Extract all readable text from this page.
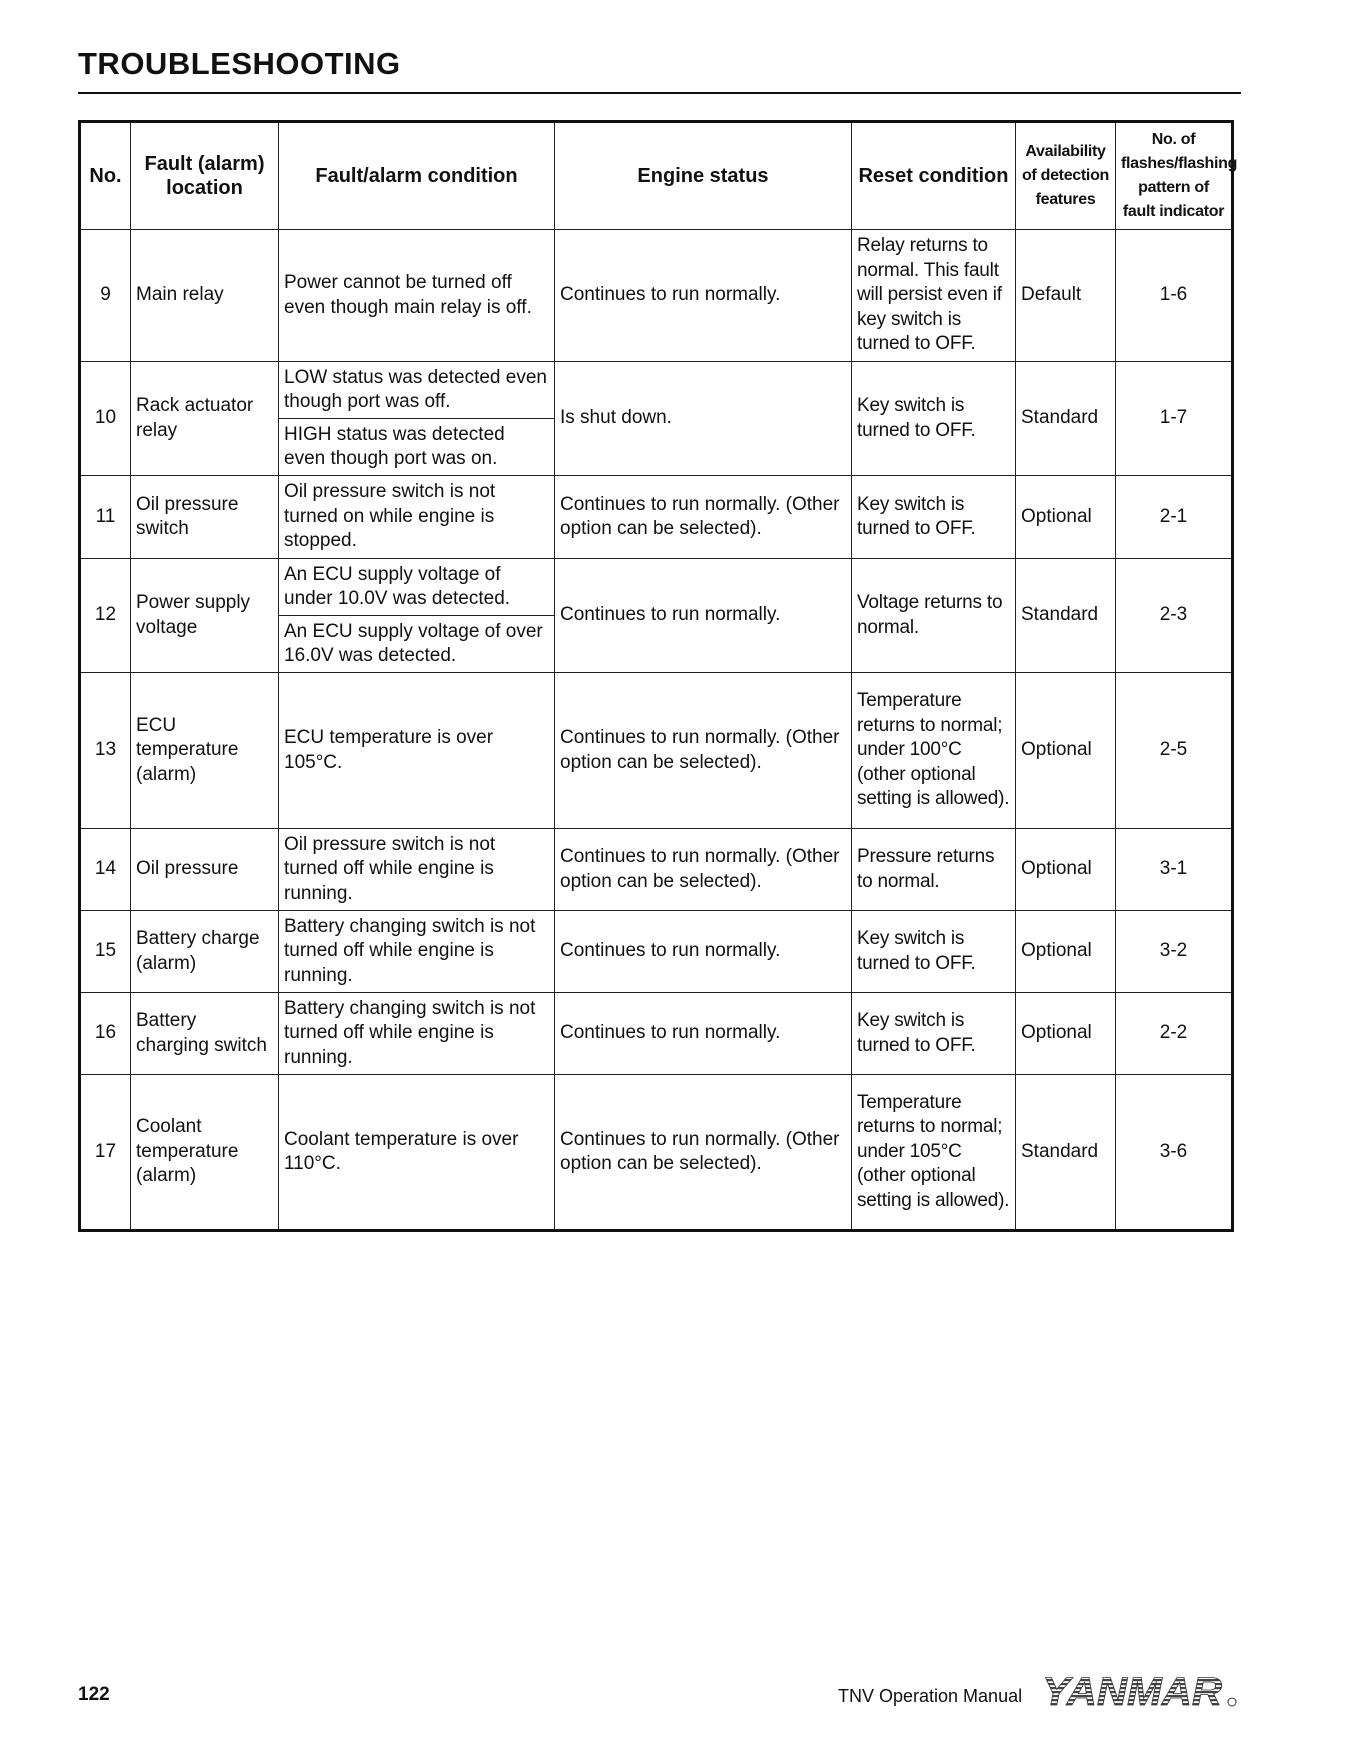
TROUBLESHOOTING
No.	Fault (alarm) location	Fault/alarm condition	Engine status	Reset condition	Availability of detection features	No. of flashes/flashing pattern of fault indicator
9	Main relay	Power cannot be turned off even though main relay is off.	Continues to run normally.	Relay returns to normal. This fault will persist even if key switch is turned to OFF.	Default	1-6
10	Rack actuator relay	LOW status was detected even though port was off.	Is shut down.	Key switch is turned to OFF.	Standard	1-7
		HIGH status was detected even though port was on.				
11	Oil pressure switch	Oil pressure switch is not turned on while engine is stopped.	Continues to run normally. (Other option can be selected).	Key switch is turned to OFF.	Optional	2-1
12	Power supply voltage	An ECU supply voltage of under 10.0V was detected.	Continues to run normally.	Voltage returns to normal.	Standard	2-3
		An ECU supply voltage of over 16.0V was detected.				
13	ECU temperature (alarm)	ECU temperature is over 105°C.	Continues to run normally. (Other option can be selected).	Temperature returns to normal; under 100°C (other optional setting is allowed).	Optional	2-5
14	Oil pressure	Oil pressure switch is not turned off while engine is running.	Continues to run normally. (Other option can be selected).	Pressure returns to normal.	Optional	3-1
15	Battery charge (alarm)	Battery changing switch is not turned off while engine is running.	Continues to run normally.	Key switch is turned to OFF.	Optional	3-2
16	Battery charging switch	Battery changing switch is not turned off while engine is running.	Continues to run normally.	Key switch is turned to OFF.	Optional	2-2
17	Coolant temperature (alarm)	Coolant temperature is over 110°C.	Continues to run normally. (Other option can be selected).	Temperature returns to normal; under 105°C (other optional setting is allowed).	Standard	3-6
122	TNV Operation Manual YANMAR
